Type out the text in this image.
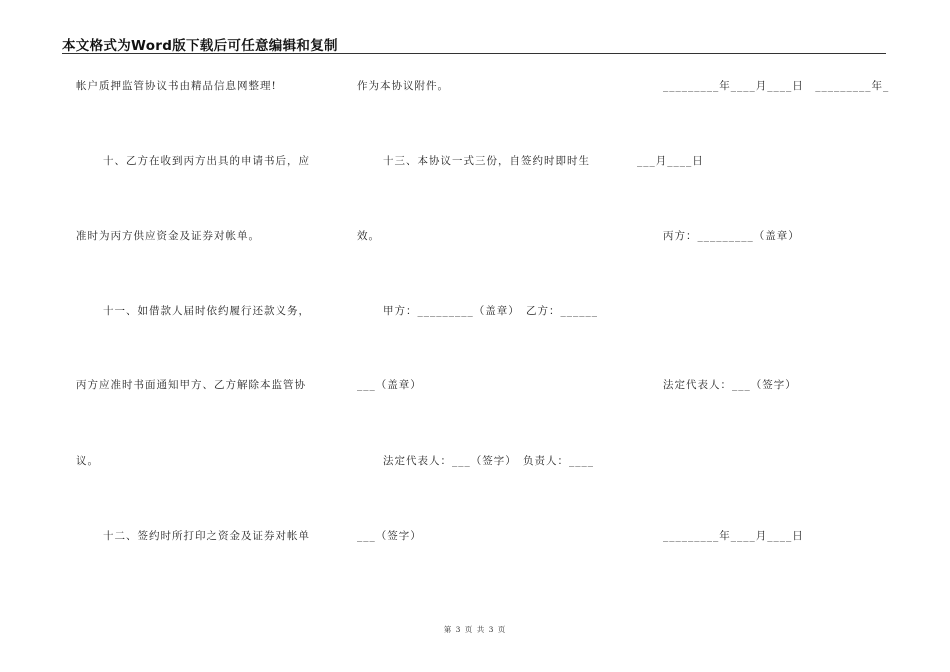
本文格式为Word版下载后可任意编辑和复制
帐户质押监管协议书由精品信息网整理!
十、乙方在收到丙方出具的申请书后，应
准时为丙方供应资金及证券对帐单。
十一、如借款人届时依约履行还款义务，
丙方应准时书面通知甲方、乙方解除本监管协
议。
十二、签约时所打印之资金及证券对帐单
作为本协议附件。
十三、本协议一式三份，自签约时即时生
效。
甲方：_________（盖章）　乙方：______
___（盖章）
法定代表人：___（签字）　负责人：____
___（签字）
_________年____月____日　_________年_
___月____日
丙方：_________（盖章）
法定代表人：___（签字）
_________年____月____日
第 3 页 共 3 页
